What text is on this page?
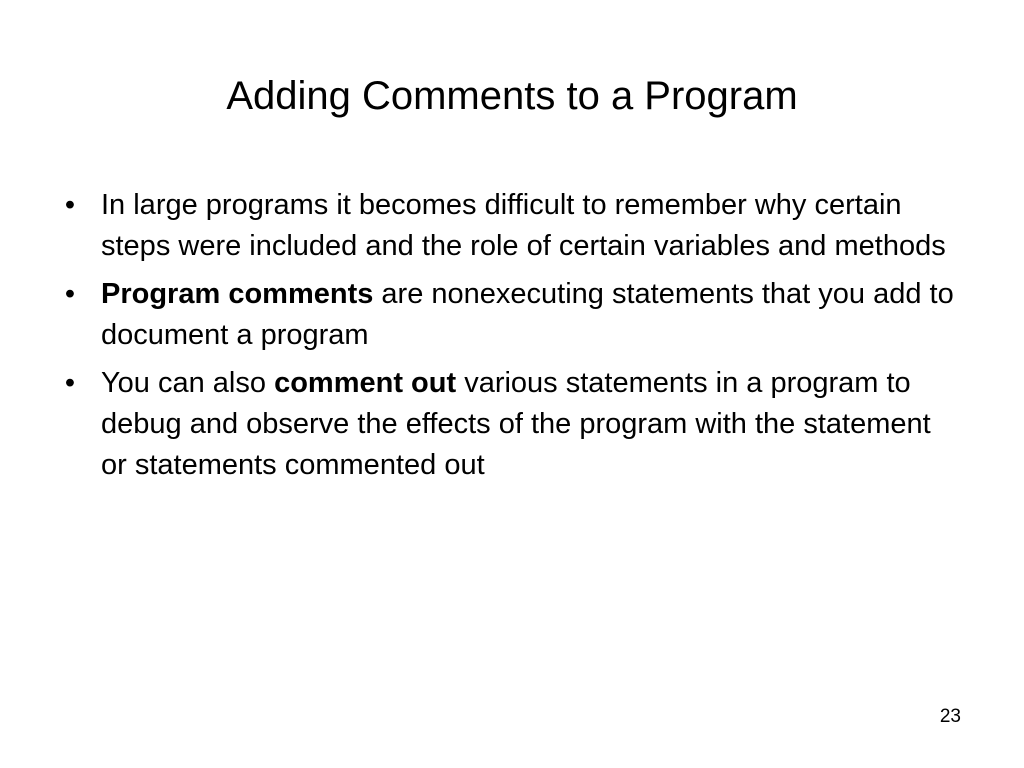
Adding Comments to a Program
• In large programs it becomes difficult to remember why certain steps were included and the role of certain variables and methods
• Program comments are nonexecuting statements that you add to document a program
• You can also comment out various statements in a program to debug and observe the effects of the program with the statement or statements commented out
23
